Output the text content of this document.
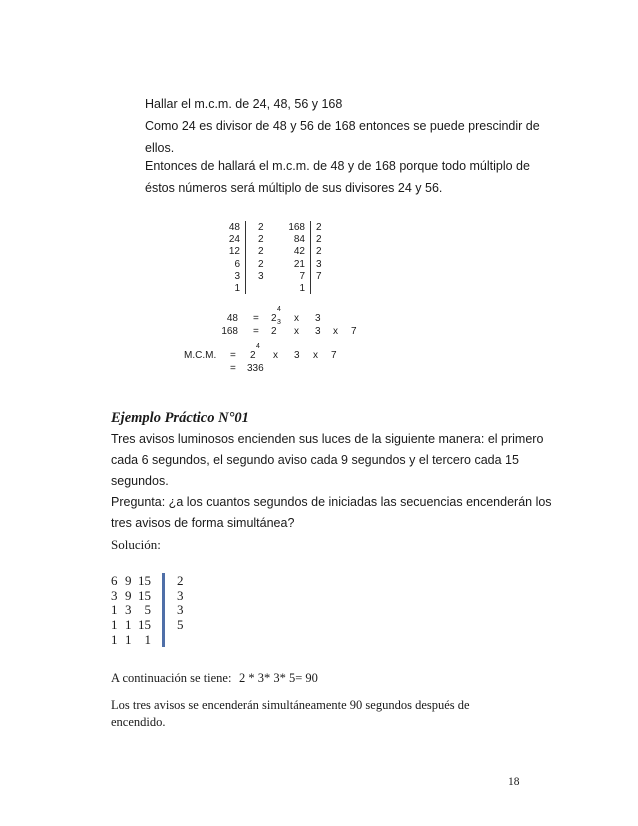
Hallar el m.c.m. de 24, 48, 56 y 168
Como 24 es divisor de 48 y 56 de 168 entonces se puede prescindir de
ellos.
Entonces de hallará el m.c.m. de 48 y de 168 porque todo múltiplo de
éstos números será múltiplo de sus divisores 24 y 56.
48
24
12
6
3
1
2
2
2
2
3
168
84
42
21
7
1
2
2
2
3
7
48 = 2
4
x 3
168 = 2
3
x 3 x 7
M.C.M. = 2
4
x 3 x 7
= 336
Ejemplo Práctico N°01
Tres avisos luminosos encienden sus luces de la siguiente manera: el primero
cada 6 segundos, el segundo aviso cada 9 segundos y el tercero cada 15
segundos.
Pregunta: ¿a los cuantos segundos de iniciadas las secuencias encenderán los
tres avisos de forma simultánea?
Solución:
6 9 15
3 9 15
1 3	5
1 1 15
1 1	1
2
3
3
5
A continuación se tiene: 2 * 3* 3* 5= 90
Los tres avisos se encenderán simultáneamente 90 segundos después de
encendido.
18
